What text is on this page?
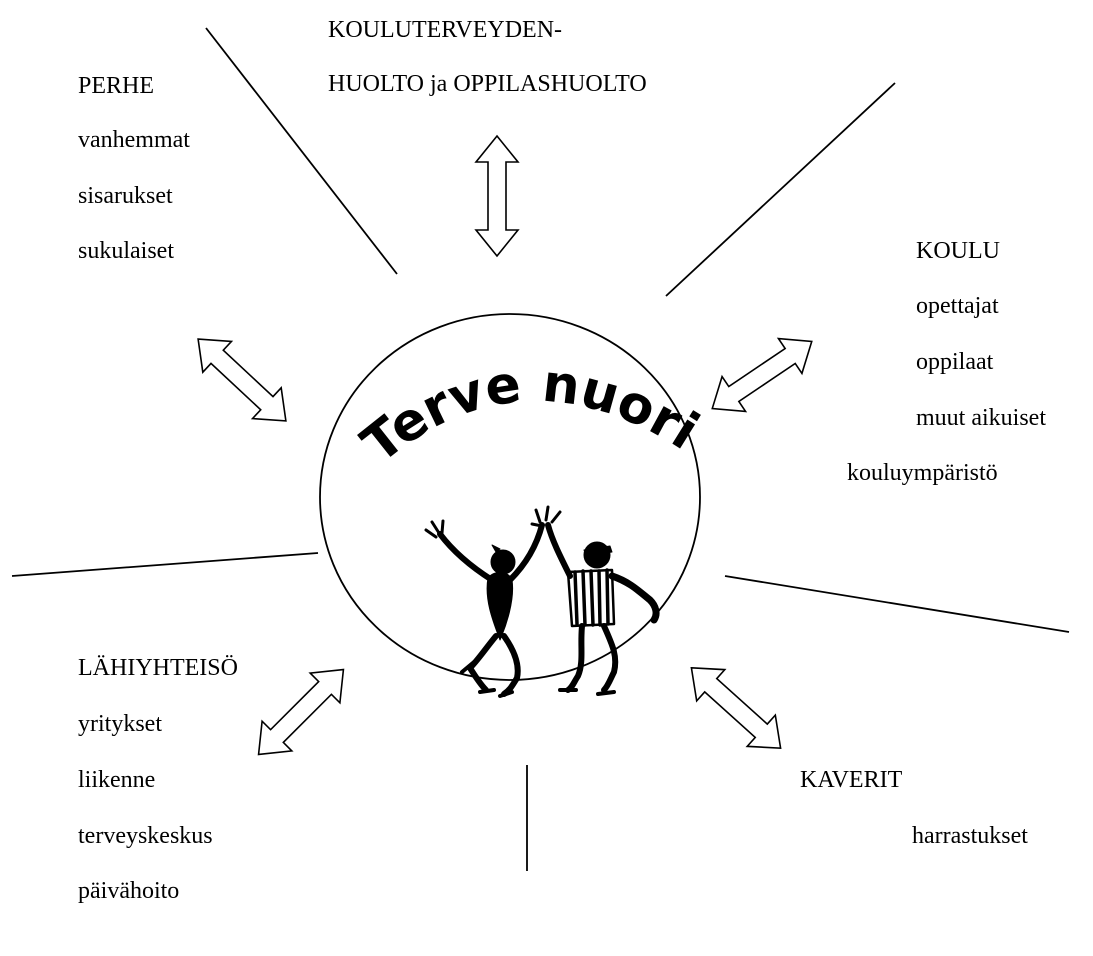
Terve nuori
KOULUTERVEYDEN-
HUOLTO ja OPPILASHUOLTO
PERHE
vanhemmat
sisarukset
sukulaiset	KOULU
opettajat
oppilaat
muut aikuiset
kouluympäristö
LÄHIYHTEISÖ
yritykset
liikenne
terveyskeskus
päivähoito
KAVERIT
harrastukset
